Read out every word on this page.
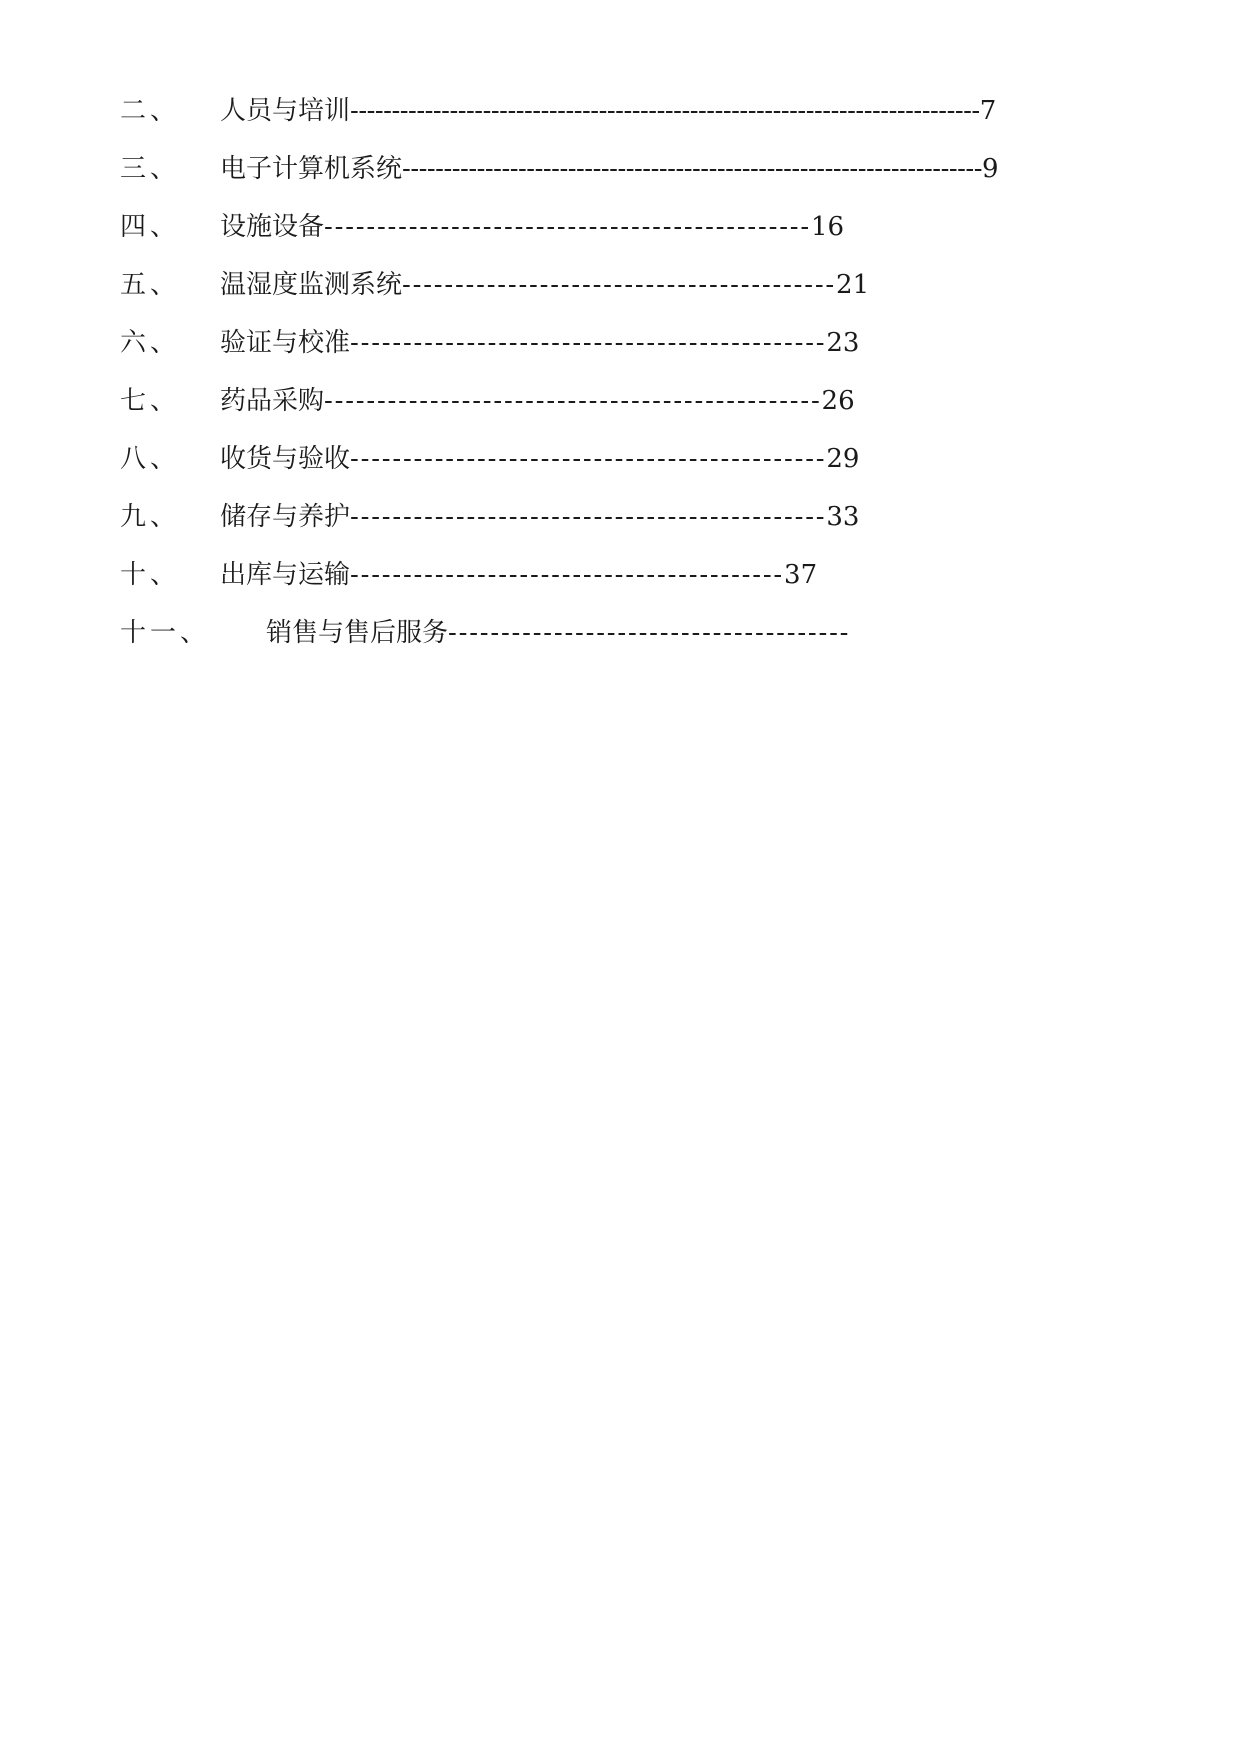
二、 人员与培训----------------------------------------------------------------------------7
三、 电子计算机系统----------------------------------------------------------------------9
四、 设施设备----------------------------------------------16
五、 温湿度监测系统-----------------------------------------21
六、 验证与校准---------------------------------------------23
七、 药品采购-----------------------------------------------26
八、 收货与验收---------------------------------------------29
九、 储存与养护---------------------------------------------33
十、 出库与运输-----------------------------------------37
十一、 销售与售后服务--------------------------------------
